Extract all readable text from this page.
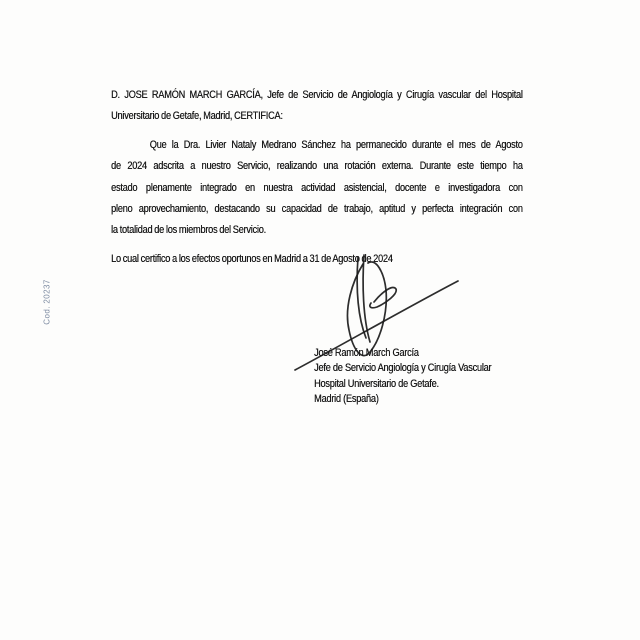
Cod. 20237
D. JOSE RAMÓN MARCH GARCÍA, Jefe de Servicio de Angiología y Cirugía vascular del Hospital
Universitario de Getafe, Madrid, CERTIFICA:
Que la Dra. Livier Nataly Medrano Sánchez ha permanecido durante el mes de Agosto
de 2024 adscrita a nuestro Servicio, realizando una rotación externa. Durante este tiempo ha
estado plenamente integrado en nuestra actividad asistencial, docente e investigadora con
pleno aprovechamiento, destacando su capacidad de trabajo, aptitud y perfecta integración con
la totalidad de los miembros del Servicio.
Lo cual certifico a los efectos oportunos en Madrid a 31 de Agosto de 2024
José Ramón March García
Jefe de Servicio Angiología y Cirugía Vascular
Hospital Universitario de Getafe.
Madrid (España)
